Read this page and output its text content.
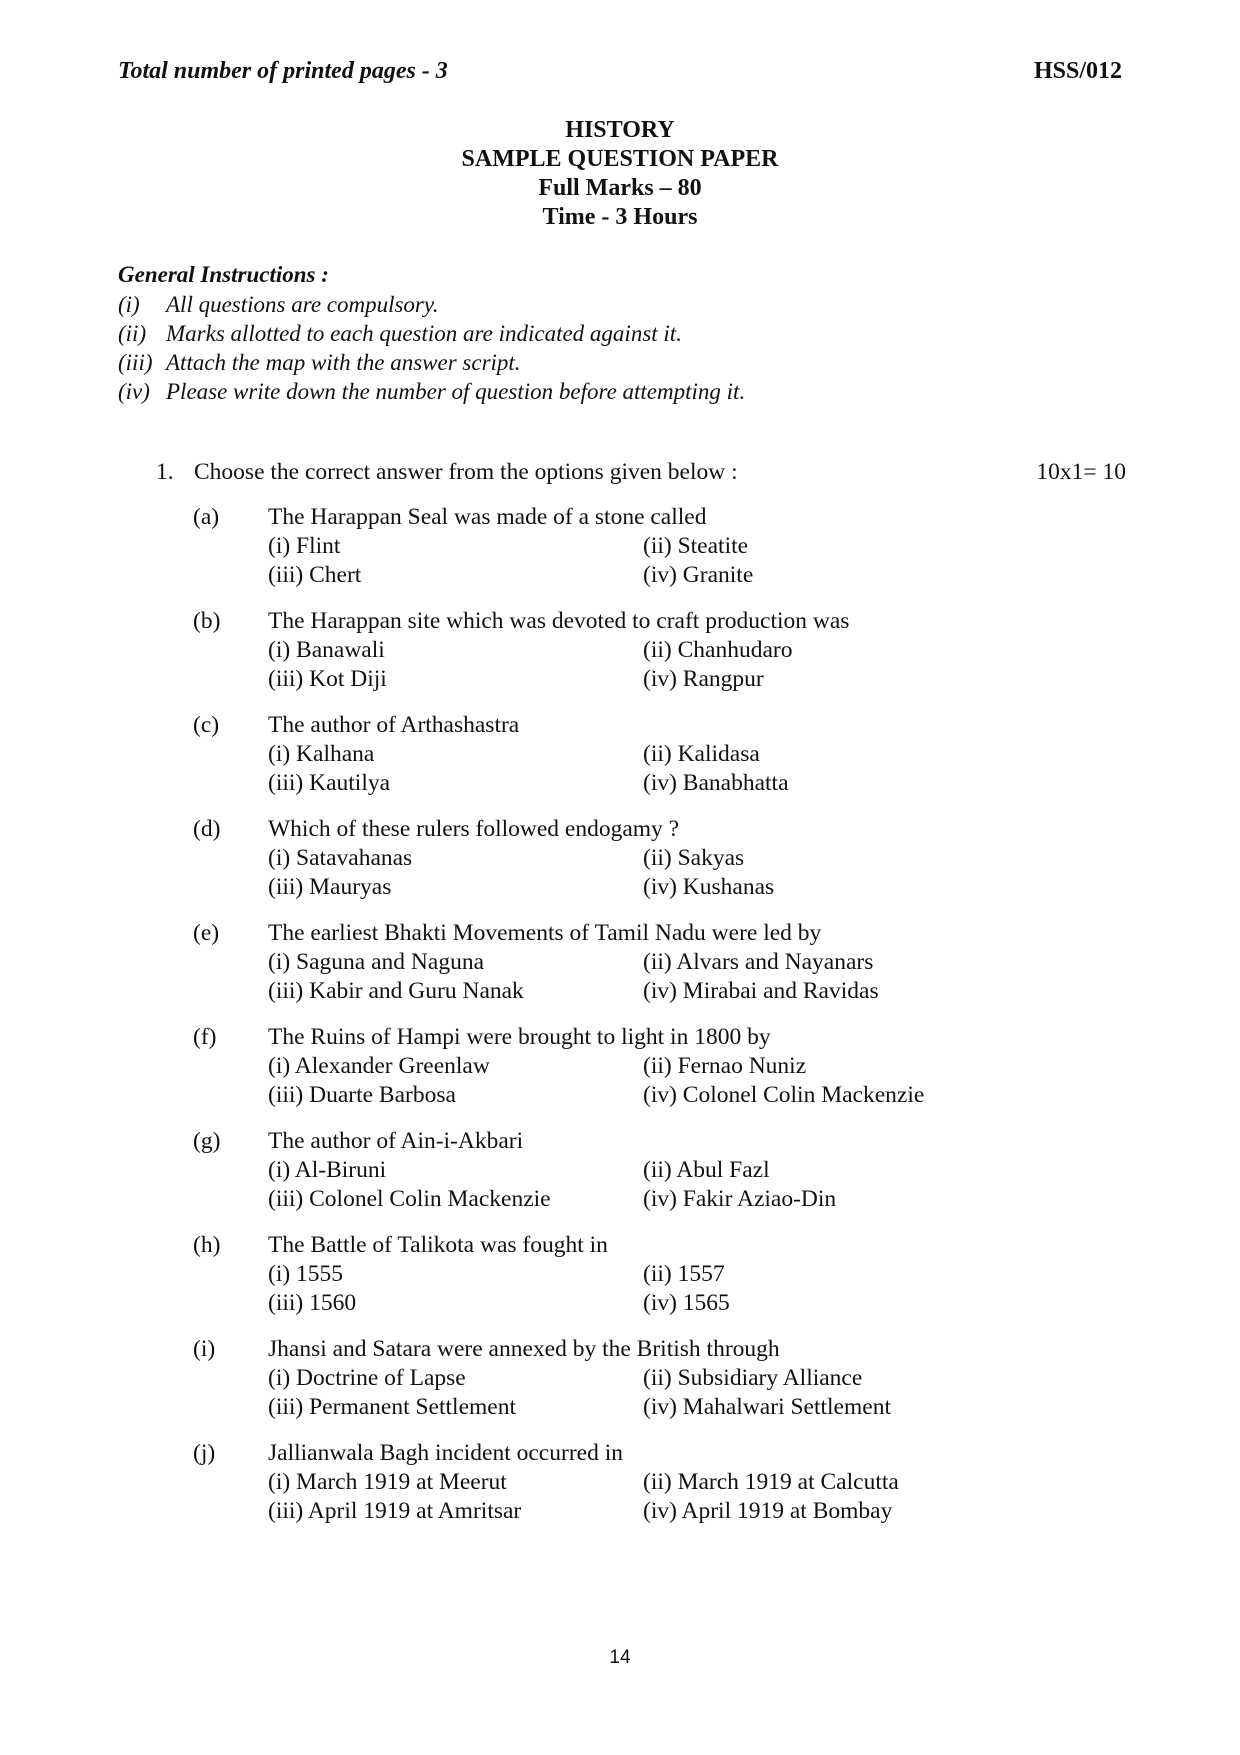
Total number of printed pages - 3	HSS/012
HISTORY
SAMPLE QUESTION PAPER
Full Marks – 80
Time - 3 Hours
General Instructions :
(i) All questions are compulsory.
(ii) Marks allotted to each question are indicated against it.
(iii) Attach the map with the answer script.
(iv) Please write down the number of question before attempting it.
1. Choose the correct answer from the options given below :	10x1= 10
(a) The Harappan Seal was made of a stone called
(i) Flint	(ii) Steatite
(iii) Chert	(iv) Granite
(b) The Harappan site which was devoted to craft production was
(i) Banawali	(ii) Chanhudaro
(iii) Kot Diji	(iv) Rangpur
(c) The author of Arthashastra
(i) Kalhana	(ii) Kalidasa
(iii) Kautilya	(iv) Banabhatta
(d) Which of these rulers followed endogamy ?
(i) Satavahanas	(ii) Sakyas
(iii) Mauryas	(iv) Kushanas
(e) The earliest Bhakti Movements of Tamil Nadu were led by
(i) Saguna and Naguna	(ii) Alvars and Nayanars
(iii) Kabir and Guru Nanak	(iv) Mirabai and Ravidas
(f) The Ruins of Hampi were brought to light in 1800 by
(i) Alexander Greenlaw	(ii) Fernao Nuniz
(iii) Duarte Barbosa	(iv) Colonel Colin Mackenzie
(g) The author of Ain-i-Akbari
(i) Al-Biruni	(ii) Abul Fazl
(iii) Colonel Colin Mackenzie	(iv) Fakir Aziao-Din
(h) The Battle of Talikota was fought in
(i) 1555	(ii) 1557
(iii) 1560	(iv) 1565
(i) Jhansi and Satara were annexed by the British through
(i) Doctrine of Lapse	(ii) Subsidiary Alliance
(iii) Permanent Settlement	(iv) Mahalwari Settlement
(j) Jallianwala Bagh incident occurred in
(i) March 1919 at Meerut	(ii) March 1919 at Calcutta
(iii) April 1919 at Amritsar	(iv) April 1919 at Bombay
14
